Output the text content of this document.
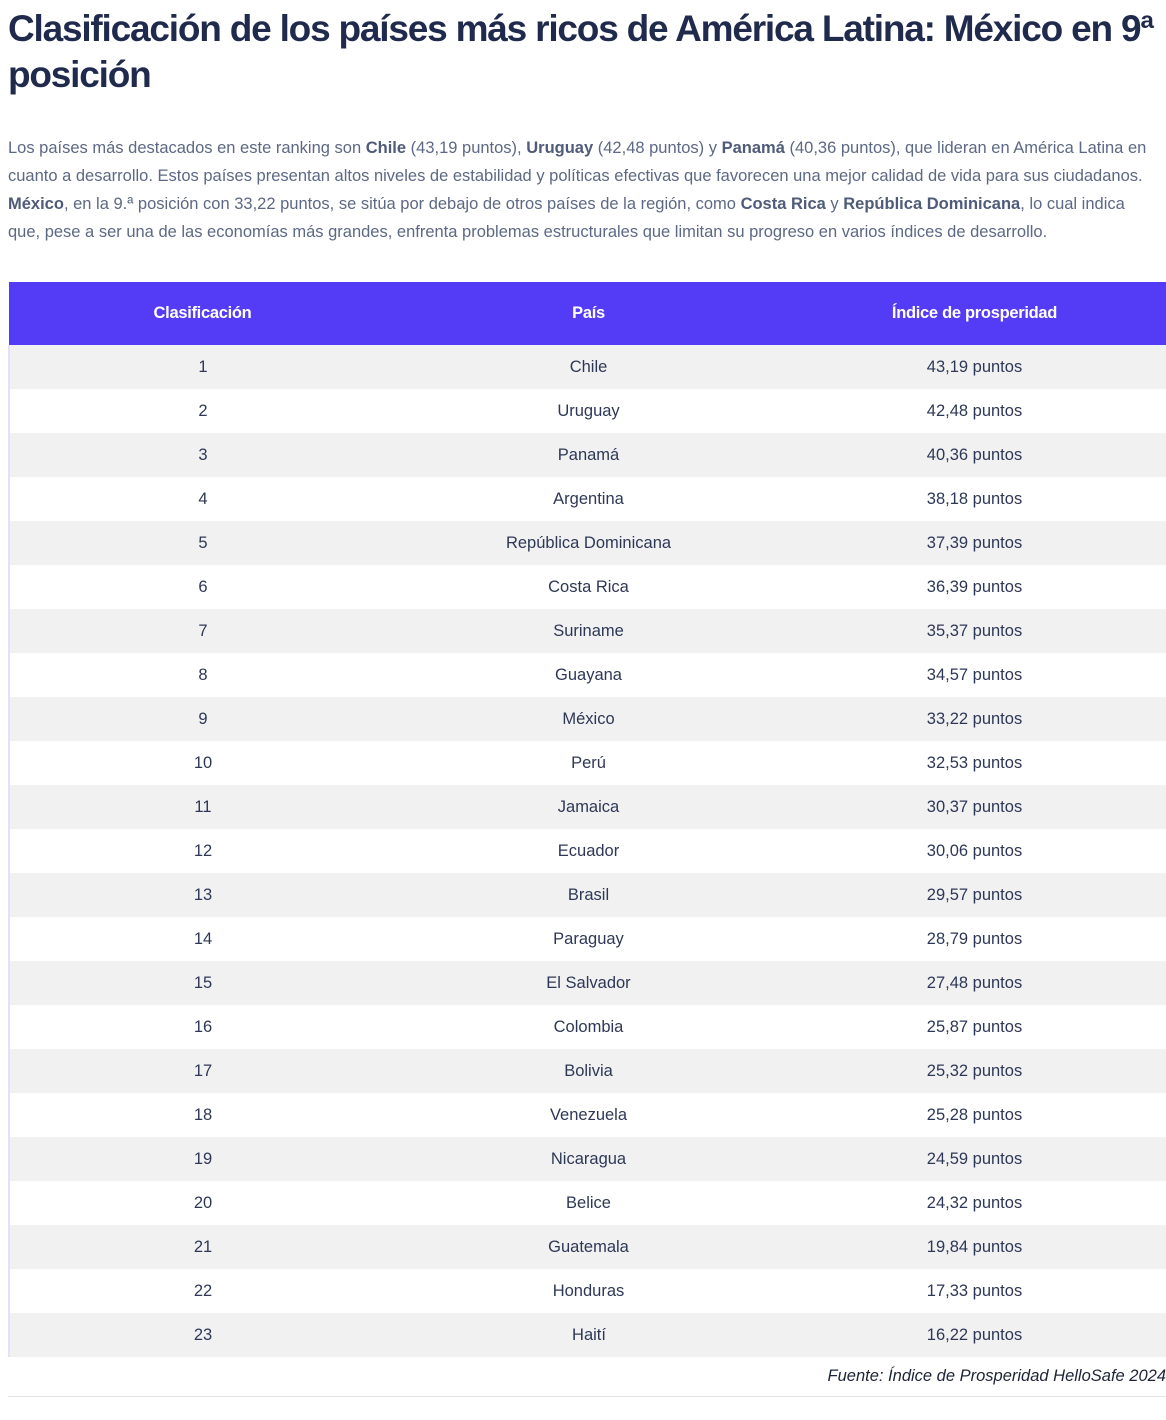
Clasificación de los países más ricos de América Latina: México en 9ª posición

Los países más destacados en este ranking son Chile (43,19 puntos), Uruguay (42,48 puntos) y Panamá (40,36 puntos), que lideran en América Latina en cuanto a desarrollo. Estos países presentan altos niveles de estabilidad y políticas efectivas que favorecen una mejor calidad de vida para sus ciudadanos. México, en la 9.ª posición con 33,22 puntos, se sitúa por debajo de otros países de la región, como Costa Rica y República Dominicana, lo cual indica que, pese a ser una de las economías más grandes, enfrenta problemas estructurales que limitan su progreso en varios índices de desarrollo.

Clasificación	País	Índice de prosperidad
1	Chile	43,19 puntos
2	Uruguay	42,48 puntos
3	Panamá	40,36 puntos
4	Argentina	38,18 puntos
5	República Dominicana	37,39 puntos
6	Costa Rica	36,39 puntos
7	Suriname	35,37 puntos
8	Guayana	34,57 puntos
9	México	33,22 puntos
10	Perú	32,53 puntos
11	Jamaica	30,37 puntos
12	Ecuador	30,06 puntos
13	Brasil	29,57 puntos
14	Paraguay	28,79 puntos
15	El Salvador	27,48 puntos
16	Colombia	25,87 puntos
17	Bolivia	25,32 puntos
18	Venezuela	25,28 puntos
19	Nicaragua	24,59 puntos
20	Belice	24,32 puntos
21	Guatemala	19,84 puntos
22	Honduras	17,33 puntos
23	Haití	16,22 puntos
Fuente: Índice de Prosperidad HelloSafe 2024
